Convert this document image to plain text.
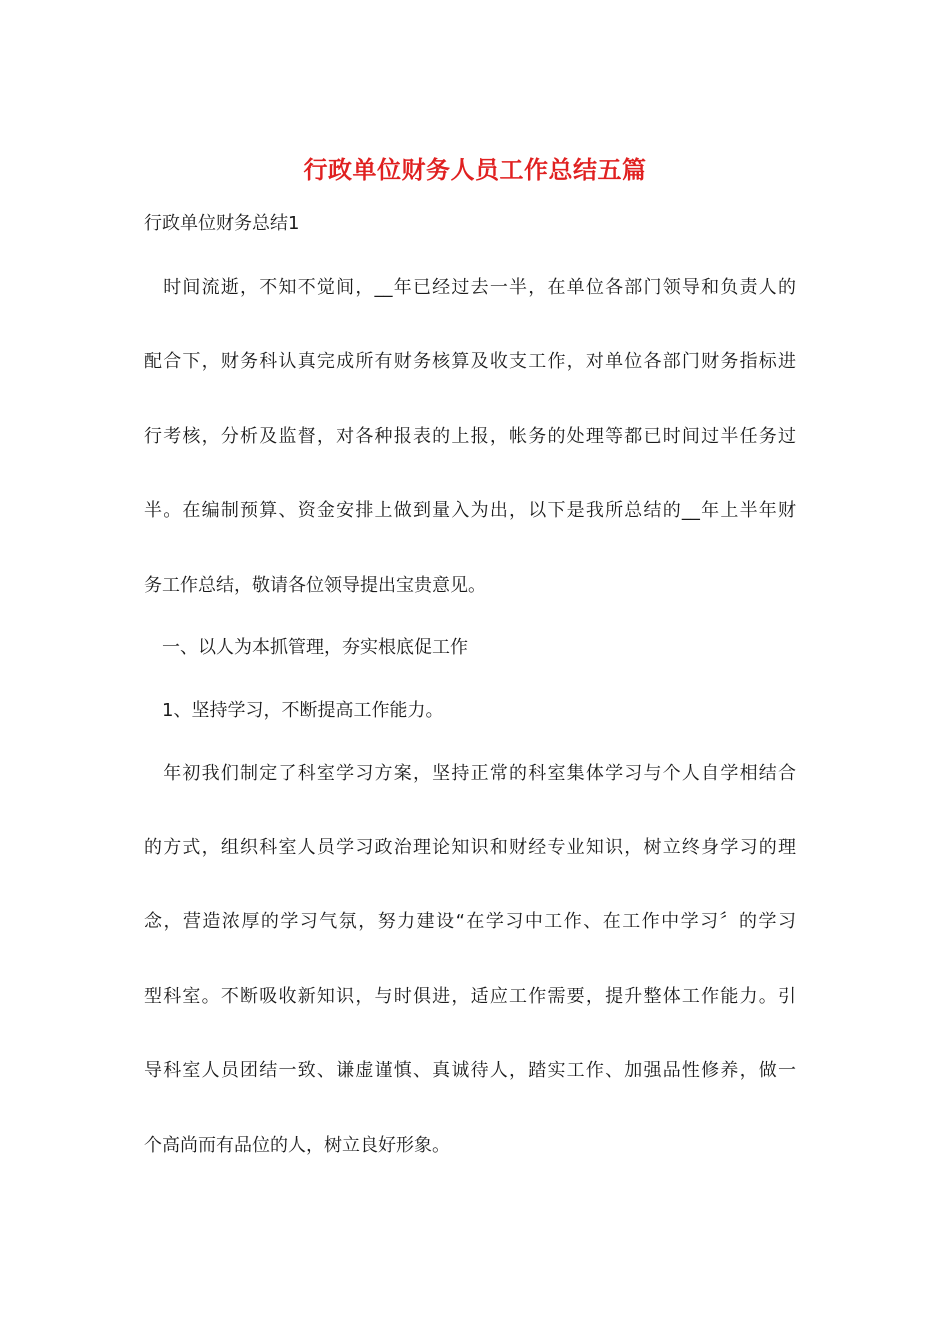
行政单位财务人员工作总结五篇
行政单位财务总结1
　时间流逝，不知不觉间，__年已经过去一半，在单位各部门领导和负责人的
配合下，财务科认真完成所有财务核算及收支工作，对单位各部门财务指标进
行考核，分析及监督，对各种报表的上报，帐务的处理等都已时间过半任务过
半。在编制预算、资金安排上做到量入为出，以下是我所总结的__年上半年财
务工作总结，敬请各位领导提出宝贵意见。
　一、以人为本抓管理，夯实根底促工作
　1、坚持学习，不断提高工作能力。
　年初我们制定了科室学习方案，坚持正常的科室集体学习与个人自学相结合
的方式，组织科室人员学习政治理论知识和财经专业知识，树立终身学习的理
念，营造浓厚的学习气氛，努力建设“在学习中工作、在工作中学习〞的学习
型科室。不断吸收新知识，与时俱进，适应工作需要，提升整体工作能力。引
导科室人员团结一致、谦虚谨慎、真诚待人，踏实工作、加强品性修养，做一
个高尚而有品位的人，树立良好形象。
